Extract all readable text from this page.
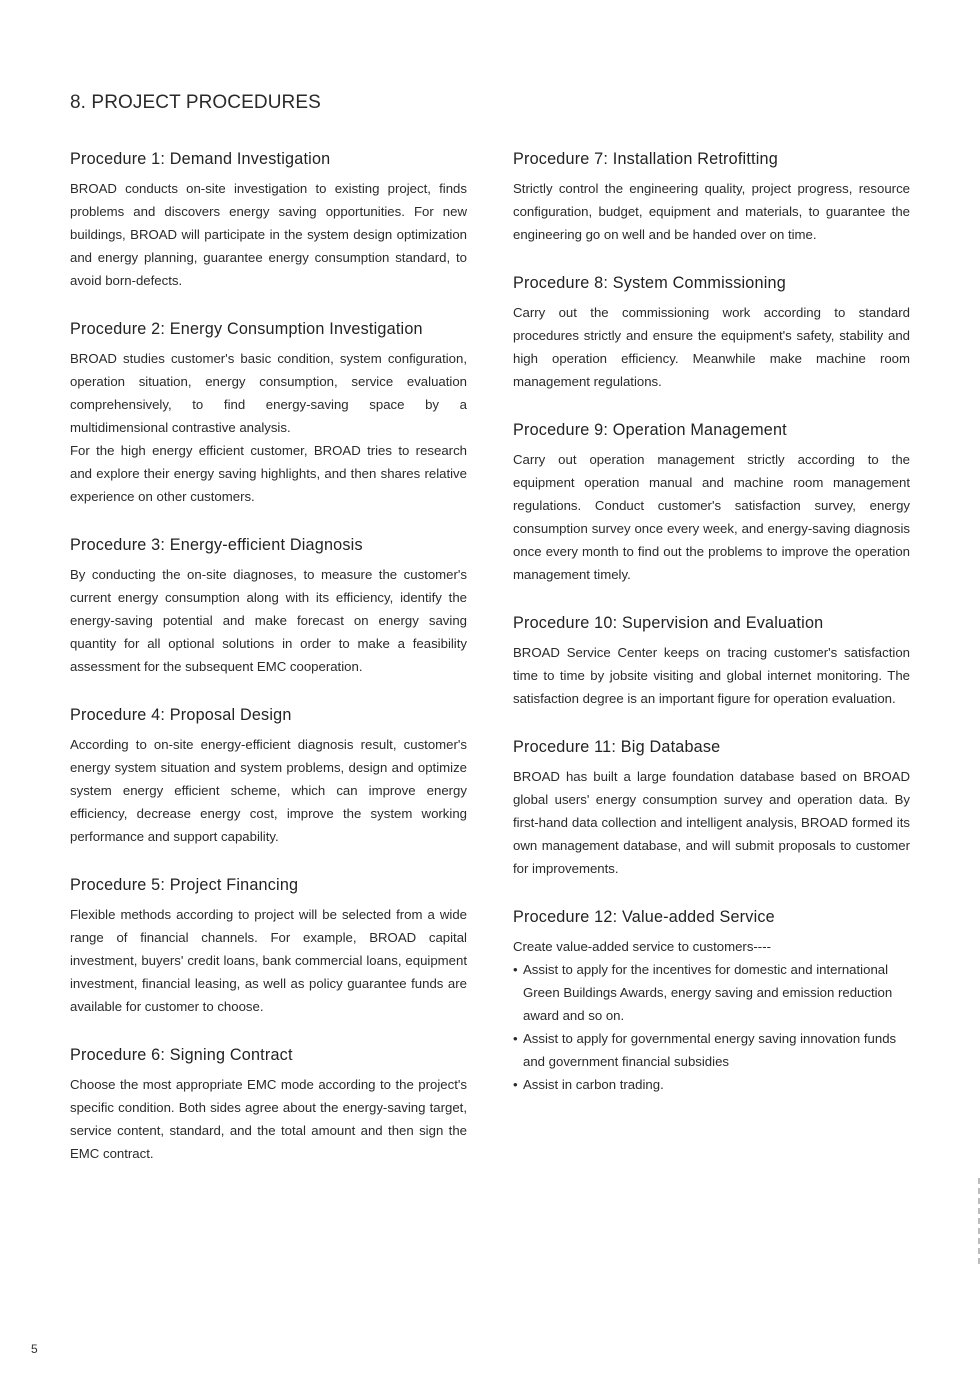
8. PROJECT PROCEDURES
Procedure 1: Demand Investigation

BROAD conducts on-site investigation to existing project, finds problems and discovers energy saving opportunities. For new buildings, BROAD will participate in the system design optimization and energy planning, guarantee energy consumption standard, to avoid born-defects.

Procedure 2: Energy Consumption Investigation

BROAD studies customer's basic condition, system configuration, operation situation, energy consumption, service evaluation comprehensively, to find energy-saving space by a multidimensional contrastive analysis.

For the high energy efficient customer, BROAD tries to research and explore their energy saving highlights, and then shares relative experience on other customers.

Procedure 3: Energy-efficient Diagnosis

By conducting the on-site diagnoses, to measure the customer's current energy consumption along with its efficiency, identify the energy-saving potential and make forecast on energy saving quantity for all optional solutions in order to make a feasibility assessment for the subsequent EMC cooperation.

Procedure 4: Proposal Design

According to on-site energy-efficient diagnosis result, customer's energy system situation and system problems, design and optimize system energy efficient scheme, which can improve energy efficiency, decrease energy cost, improve the system working performance and support capability.

Procedure 5: Project Financing

Flexible methods according to project will be selected from a wide range of financial channels. For example, BROAD capital investment, buyers' credit loans, bank commercial loans, equipment investment, financial leasing, as well as policy guarantee funds are available for customer to choose.

Procedure 6: Signing Contract

Choose the most appropriate EMC mode according to the project's specific condition. Both sides agree about the energy-saving target, service content, standard, and the total amount and then sign the EMC contract.

Procedure 7: Installation Retrofitting

Strictly control the engineering quality, project progress, resource configuration, budget, equipment and materials, to guarantee the engineering go on well and be handed over on time.

Procedure 8: System Commissioning

Carry out the commissioning work according to standard procedures strictly and ensure the equipment's safety, stability and high operation efficiency. Meanwhile make machine room management regulations.

Procedure 9: Operation Management

Carry out operation management strictly according to the equipment operation manual and machine room management regulations. Conduct customer's satisfaction survey, energy consumption survey once every week, and energy-saving diagnosis once every month to find out the problems to improve the operation management timely.

Procedure 10: Supervision and Evaluation

BROAD Service Center keeps on tracing customer's satisfaction time to time by jobsite visiting and global internet monitoring. The satisfaction degree is an important figure for operation evaluation.

Procedure 11: Big Database

BROAD has built a large foundation database based on BROAD global users' energy consumption survey and operation data. By first-hand data collection and intelligent analysis, BROAD formed its own management database, and will submit proposals to customer for improvements.

Procedure 12: Value-added Service

Create value-added service to customers----

• Assist to apply for the incentives for domestic and international Green Buildings Awards, energy saving and emission reduction award and so on.
• Assist to apply for governmental energy saving innovation funds and government financial subsidies
• Assist in carbon trading.
5
